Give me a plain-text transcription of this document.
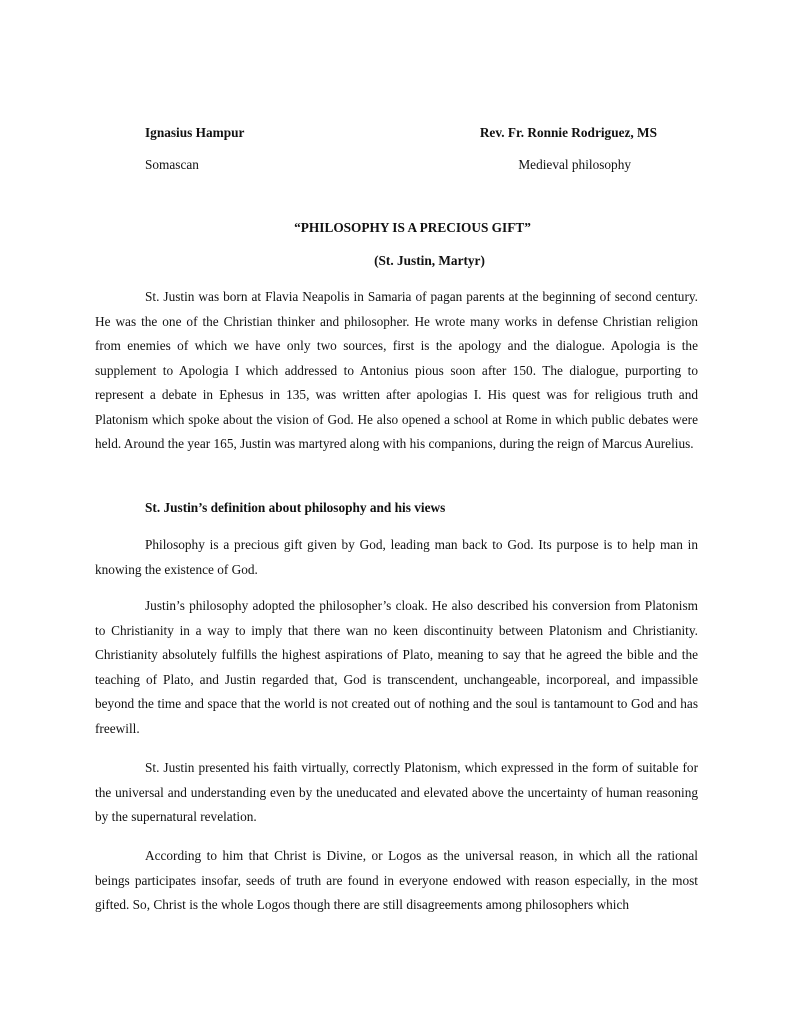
Ignasius Hampur	Rev. Fr. Ronnie Rodriguez, MS
Somascan	Medieval philosophy
“PHILOSOPHY IS A PRECIOUS GIFT”
(St. Justin, Martyr)

St. Justin was born at Flavia Neapolis in Samaria of pagan parents at the beginning of second century. He was the one of the Christian thinker and philosopher. He wrote many works in defense Christian religion from enemies of which we have only two sources, first is the apology and the dialogue. Apologia is the supplement to Apologia I which addressed to Antonius pious soon after 150. The dialogue, purporting to represent a debate in Ephesus in 135, was written after apologias I. His quest was for religious truth and Platonism which spoke about the vision of God. He also opened a school at Rome in which public debates were held. Around the year 165, Justin was martyred along with his companions, during the reign of Marcus Aurelius.

St. Justin’s definition about philosophy and his views

Philosophy is a precious gift given by God, leading man back to God. Its purpose is to help man in knowing the existence of God.

Justin’s philosophy adopted the philosopher’s cloak. He also described his conversion from Platonism to Christianity in a way to imply that there wan no keen discontinuity between Platonism and Christianity. Christianity absolutely fulfills the highest aspirations of Plato, meaning to say that he agreed the bible and the teaching of Plato, and Justin regarded that, God is transcendent, unchangeable, incorporeal, and impassible beyond the time and space that the world is not created out of nothing and the soul is tantamount to God and has freewill.

St. Justin presented his faith virtually, correctly Platonism, which expressed in the form of suitable for the universal and understanding even by the uneducated and elevated above the uncertainty of human reasoning by the supernatural revelation.

According to him that Christ is Divine, or Logos as the universal reason, in which all the rational beings participates insofar, seeds of truth are found in everyone endowed with reason especially, in the most gifted. So, Christ is the whole Logos though there are still disagreements among philosophers which
